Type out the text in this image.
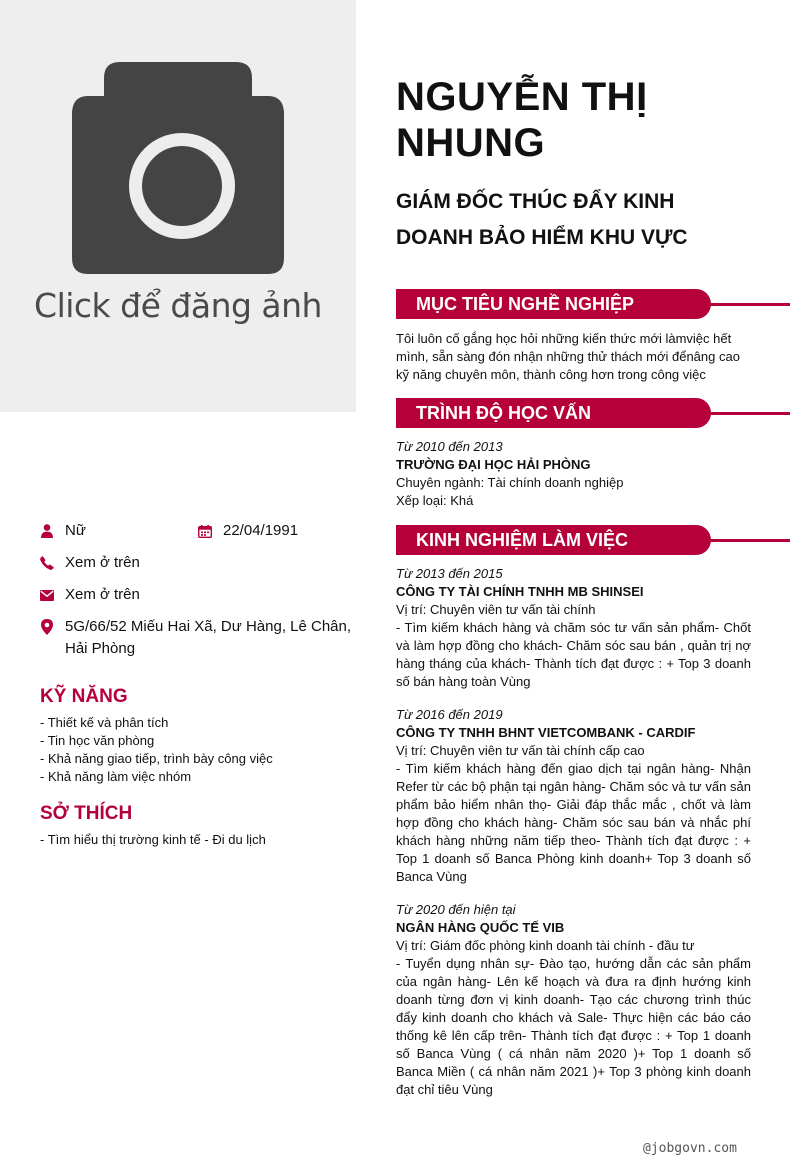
Click để đăng ảnh
Nữ	22/04/1991
Xem ở trên
Xem ở trên
5G/66/52 Miếu Hai Xã, Dư Hàng, Lê Chân, Hải Phòng
KỸ NĂNG
- Thiết kế và phân tích
- Tin học văn phòng
- Khả năng giao tiếp, trình bày công việc
- Khả năng làm việc nhóm
SỞ THÍCH
- Tìm hiểu thị trường kinh tế - Đi du lịch
NGUYỄN THỊ NHUNG
GIÁM ĐỐC THÚC ĐẨY KINH DOANH BẢO HIỂM KHU VỰC
MỤC TIÊU NGHỀ NGHIỆP
Tôi luôn cố gắng học hỏi những kiến thức mới làmviệc hết mình, sẵn sàng đón nhận những thử thách mới đểnâng cao kỹ năng chuyên môn, thành công hơn trong công việc
TRÌNH ĐỘ HỌC VẤN
Từ 2010 đến 2013
TRƯỜNG ĐẠI HỌC HẢI PHÒNG
Chuyên ngành: Tài chính doanh nghiệp
Xếp loại: Khá
KINH NGHIỆM LÀM VIỆC
Từ 2013 đến 2015
CÔNG TY TÀI CHÍNH TNHH MB SHINSEI
Vị trí: Chuyên viên tư vấn tài chính
- Tìm kiếm khách hàng và chăm sóc tư vấn sản phẩm- Chốt và làm hợp đồng cho khách- Chăm sóc sau bán , quản trị nợ hàng tháng của khách- Thành tích đạt được : + Top 3 doanh số bán hàng toàn Vùng
Từ 2016 đến 2019
CÔNG TY TNHH BHNT VIETCOMBANK - CARDIF
Vị trí: Chuyên viên tư vấn tài chính cấp cao
- Tìm kiếm khách hàng đến giao dịch tại ngân hàng- Nhận Refer từ các bộ phận tại ngân hàng- Chăm sóc và tư vấn sản phẩm bảo hiểm nhân thọ- Giải đáp thắc mắc , chốt và làm hợp đồng cho khách hàng- Chăm sóc sau bán và nhắc phí khách hàng những năm tiếp theo- Thành tích đạt được : + Top 1 doanh số Banca Phòng kinh doanh+ Top 3 doanh số Banca Vùng
Từ 2020 đến hiện tại
NGÂN HÀNG QUỐC TẾ VIB
Vị trí: Giám đốc phòng kinh doanh tài chính - đầu tư
- Tuyển dụng nhân sự- Đào tạo, hướng dẫn các sản phẩm của ngân hàng- Lên kế hoạch và đưa ra định hướng kinh doanh từng đơn vị kinh doanh- Tạo các chương trình thúc đẩy kinh doanh cho khách và Sale- Thực hiện các báo cáo thống kê lên cấp trên- Thành tích đạt được : + Top 1 doanh số Banca Vùng ( cá nhân năm 2020 )+ Top 1 doanh số Banca Miền ( cá nhân năm 2021 )+ Top 3 phòng kinh doanh đạt chỉ tiêu Vùng
@jobgovn.com
